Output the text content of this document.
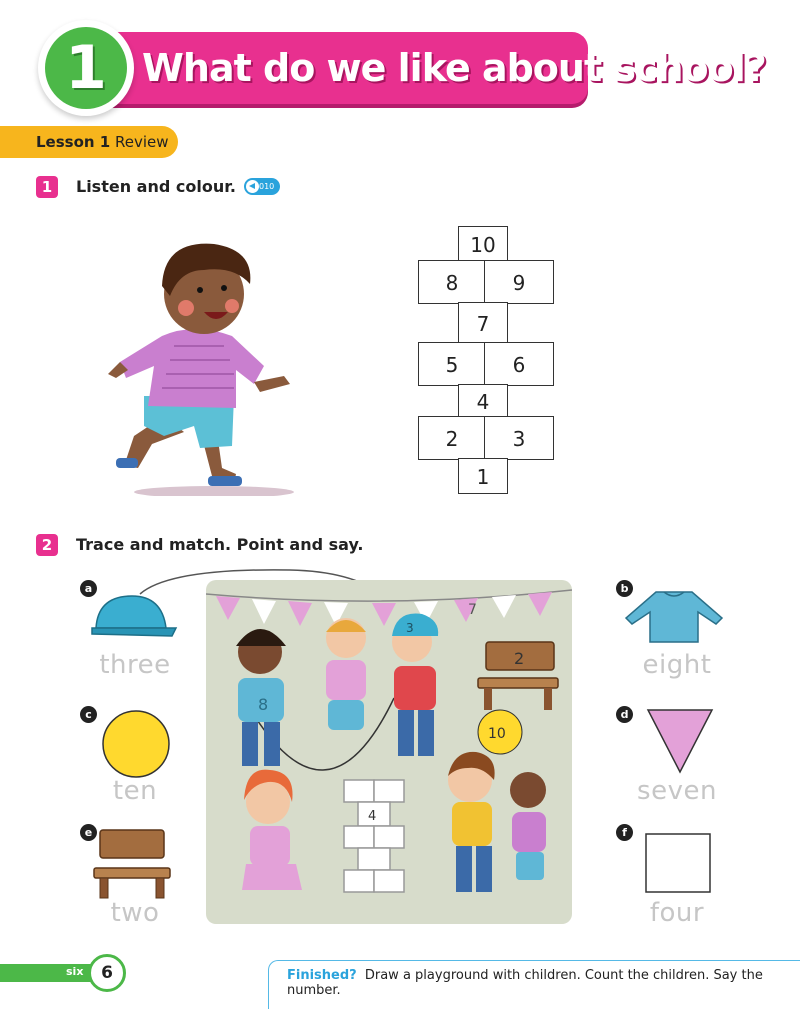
What do we like about school?
1
Lesson 1 Review
1	Listen and colour.	010
10
8	9
7
5	6
4
2	3
1
2	Trace and match. Point and say.
a
three
c
ten
e
two
7
2
8
3
10
4
b
eight
d
seven
f
four
six	6	Finished? Draw a playground with children. Count the children. Say the number.
